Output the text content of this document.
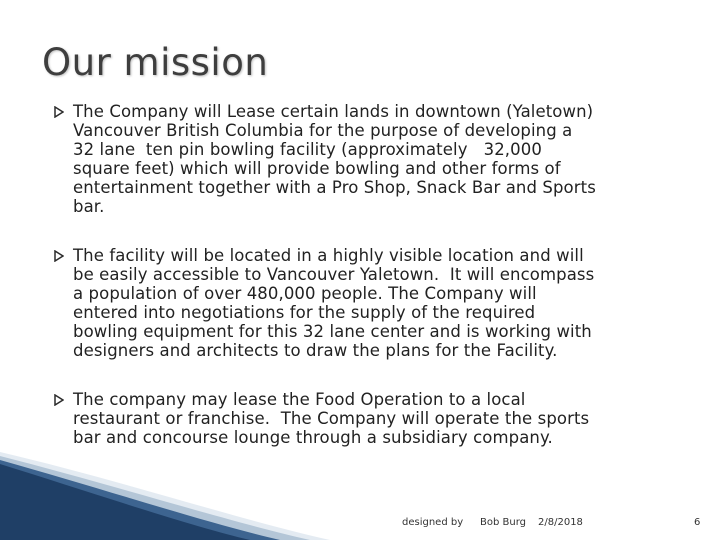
Our mission
The Company will Lease certain lands in downtown (Yaletown)
Vancouver British Columbia for the purpose of developing a
32 lane  ten pin bowling facility (approximately   32,000
square feet) which will provide bowling and other forms of
entertainment together with a Pro Shop, Snack Bar and Sports
bar.
The facility will be located in a highly visible location and will
be easily accessible to Vancouver Yaletown.  It will encompass
a population of over 480,000 people. The Company will
entered into negotiations for the supply of the required
bowling equipment for this 32 lane center and is working with
designers and architects to draw the plans for the Facility.
The company may lease the Food Operation to a local
restaurant or franchise.  The Company will operate the sports
bar and concourse lounge through a subsidiary company.
designed by Bob Burg 2/8/2018	6
